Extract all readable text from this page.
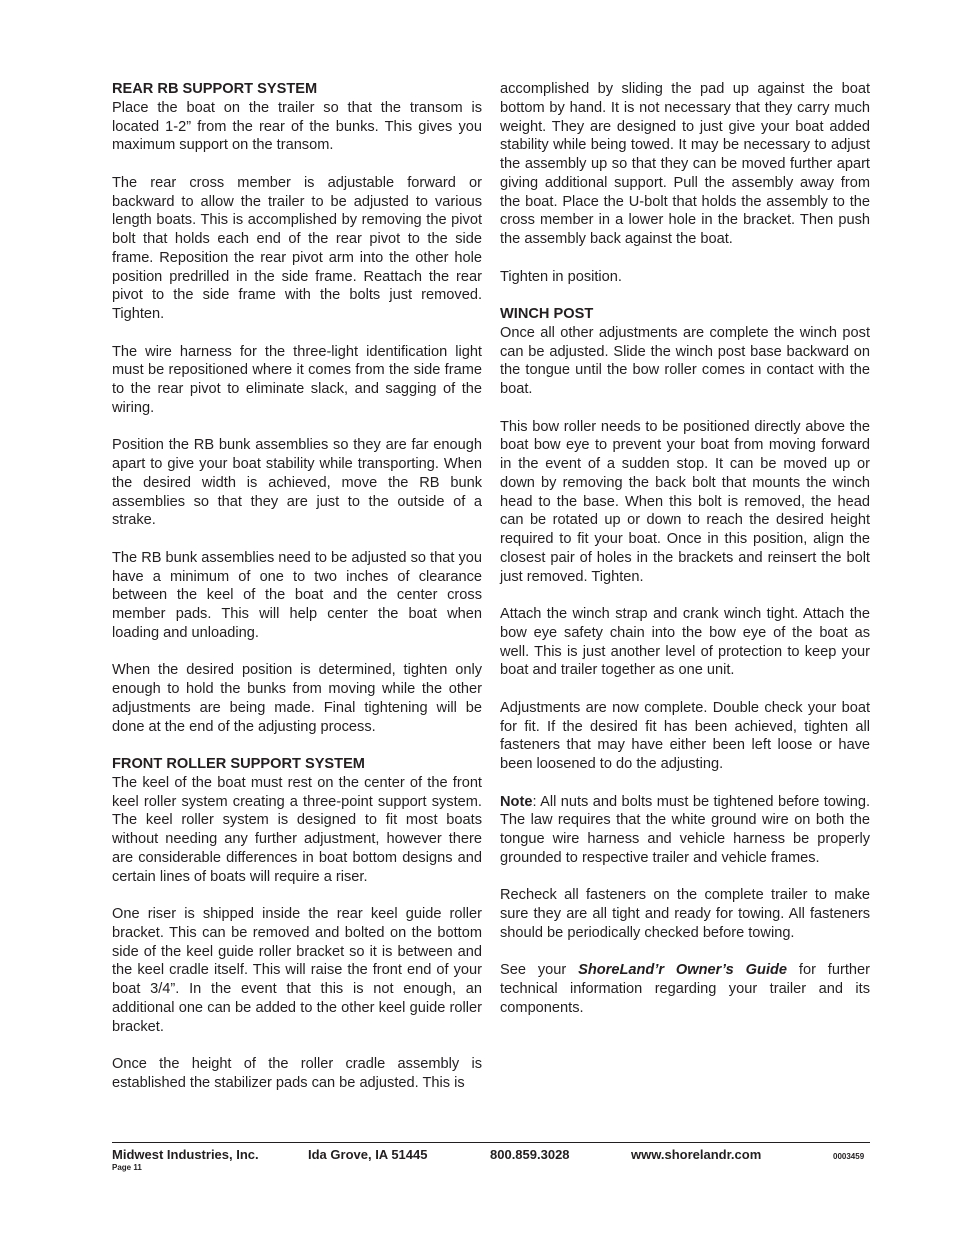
REAR RB SUPPORT SYSTEM

Place the boat on the trailer so that the transom is located 1-2” from the rear of the bunks. This gives you maximum support on the transom.

The rear cross member is adjustable forward or backward to allow the trailer to be adjusted to various length boats. This is accomplished by removing the pivot bolt that holds each end of the rear pivot to the side frame. Reposition the rear pivot arm into the other hole position predrilled in the side frame. Reattach the rear pivot to the side frame with the bolts just removed. Tighten.

The wire harness for the three-light identification light must be repositioned where it comes from the side frame to the rear pivot to eliminate slack, and sagging of the wiring.

Position the RB bunk assemblies so they are far enough apart to give your boat stability while transporting. When the desired width is achieved, move the RB bunk assemblies so that they are just to the outside of a strake.

The RB bunk assemblies need to be adjusted so that you have a minimum of one to two inches of clearance between the keel of the boat and the center cross member pads. This will help center the boat when loading and unloading.

When the desired position is determined, tighten only enough to hold the bunks from moving while the other adjustments are being made. Final tightening will be done at the end of the adjusting process.

FRONT ROLLER SUPPORT SYSTEM

The keel of the boat must rest on the center of the front keel roller system creating a three-point support system. The keel roller system is designed to fit most boats without needing any further adjustment, however there are considerable differences in boat bottom designs and certain lines of boats will require a riser.

One riser is shipped inside the rear keel guide roller bracket. This can be removed and bolted on the bottom side of the keel guide roller bracket so it is between and the keel cradle itself. This will raise the front end of your boat 3/4”. In the event that this is not enough, an additional one can be added to the other keel guide roller bracket.

Once the height of the roller cradle assembly is established the stabilizer pads can be adjusted. This is

accomplished by sliding the pad up against the boat bottom by hand. It is not necessary that they carry much weight. They are designed to just give your boat added stability while being towed. It may be necessary to adjust the assembly up so that they can be moved further apart giving additional support. Pull the assembly away from the boat. Place the U-bolt that holds the assembly to the cross member in a lower hole in the bracket. Then push the assembly back against the boat.

Tighten in position.

WINCH POST

Once all other adjustments are complete the winch post can be adjusted. Slide the winch post base backward on the tongue until the bow roller comes in contact with the boat.

This bow roller needs to be positioned directly above the boat bow eye to prevent your boat from moving forward in the event of a sudden stop. It can be moved up or down by removing the back bolt that mounts the winch head to the base. When this bolt is removed, the head can be rotated up or down to reach the desired height required to fit your boat. Once in this position, align the closest pair of holes in the brackets and reinsert the bolt just removed. Tighten.

Attach the winch strap and crank winch tight. Attach the bow eye safety chain into the bow eye of the boat as well. This is just another level of protection to keep your boat and trailer together as one unit.

Adjustments are now complete. Double check your boat for fit. If the desired fit has been achieved, tighten all fasteners that may have either been left loose or have been loosened to do the adjusting.

Note: All nuts and bolts must be tightened before towing. The law requires that the white ground wire on both the tongue wire harness and vehicle harness be properly grounded to respective trailer and vehicle frames.

Recheck all fasteners on the complete trailer to make sure they are all tight and ready for towing. All fasteners should be periodically checked before towing.

See your ShoreLand’r Owner’s Guide for further technical information regarding your trailer and its components.

Midwest Industries, Inc.	Ida Grove, IA 51445	800.859.3028	www.shorelandr.com	0003459
Page 11
